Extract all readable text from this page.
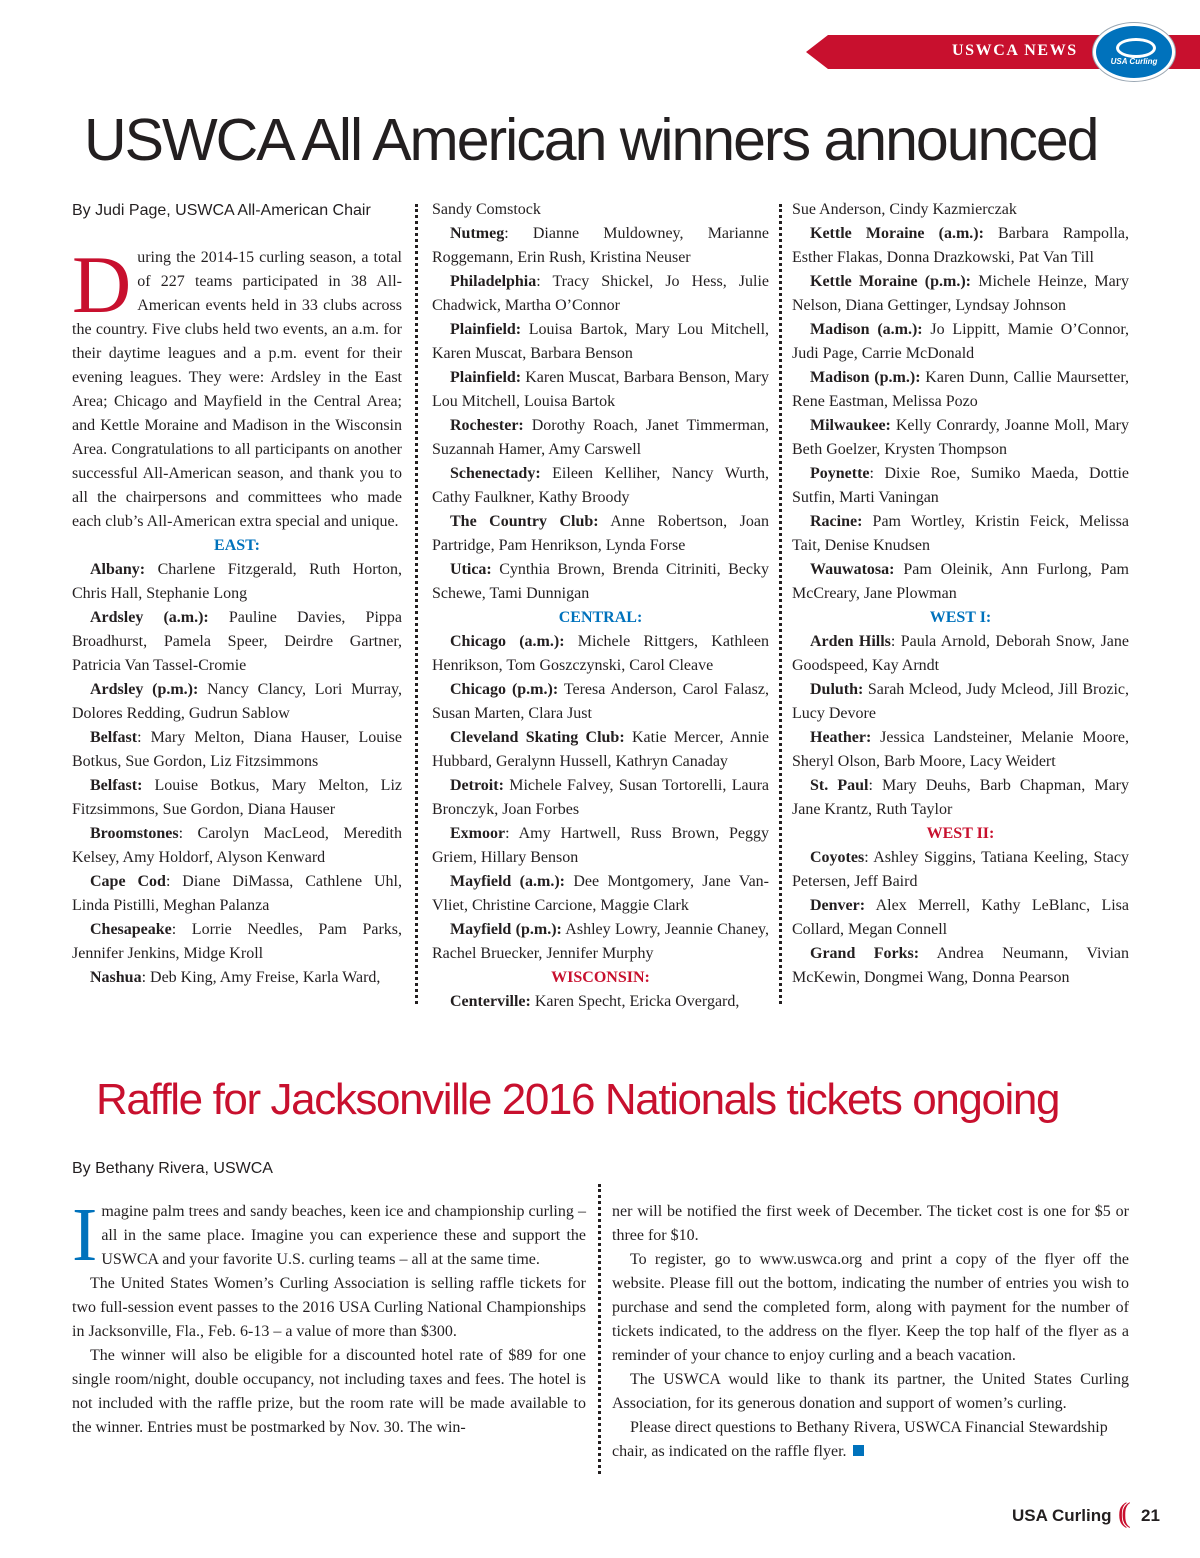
USWCA NEWS
USA Curling
USWCA All American winners announced
By Judi Page, USWCA All-American Chair

During the 2014-15 curling season, a total of 227 teams participated in 38 All-American events held in 33 clubs across the country. Five clubs held two events, an a.m. for their daytime leagues and a p.m. event for their evening leagues. They were: Ardsley in the East Area; Chicago and Mayfield in the Central Area; and Kettle Moraine and Madison in the Wisconsin Area. Congratulations to all participants on another successful All-American season, and thank you to all the chairpersons and committees who made each club’s All-American extra special and unique.

EAST:

Albany: Charlene Fitzgerald, Ruth Horton, Chris Hall, Stephanie Long

Ardsley (a.m.): Pauline Davies, Pippa Broadhurst, Pamela Speer, Deirdre Gartner, Patricia Van Tassel-Cromie

Ardsley (p.m.): Nancy Clancy, Lori Murray, Dolores Redding, Gudrun Sablow

Belfast: Mary Melton, Diana Hauser, Louise Botkus, Sue Gordon, Liz Fitzsimmons

Belfast: Louise Botkus, Mary Melton, Liz Fitzsimmons, Sue Gordon, Diana Hauser

Broomstones: Carolyn MacLeod, Meredith Kelsey, Amy Holdorf, Alyson Kenward

Cape Cod: Diane DiMassa, Cathlene Uhl, Linda Pistilli, Meghan Palanza

Chesapeake: Lorrie Needles, Pam Parks, Jennifer Jenkins, Midge Kroll

Nashua: Deb King, Amy Freise, Karla Ward,

Sandy Comstock

Nutmeg: Dianne Muldowney, Marianne Roggemann, Erin Rush, Kristina Neuser

Philadelphia: Tracy Shickel, Jo Hess, Julie Chadwick, Martha O’Connor

Plainfield: Louisa Bartok, Mary Lou Mitchell, Karen Muscat, Barbara Benson

Plainfield: Karen Muscat, Barbara Benson, Mary Lou Mitchell, Louisa Bartok

Rochester: Dorothy Roach, Janet Timmerman, Suzannah Hamer, Amy Carswell

Schenectady: Eileen Kelliher, Nancy Wurth, Cathy Faulkner, Kathy Broody

The Country Club: Anne Robertson, Joan Partridge, Pam Henrikson, Lynda Forse

Utica: Cynthia Brown, Brenda Citriniti, Becky Schewe, Tami Dunnigan

CENTRAL:

Chicago (a.m.): Michele Rittgers, Kathleen Henrikson, Tom Goszczynski, Carol Cleave

Chicago (p.m.): Teresa Anderson, Carol Falasz, Susan Marten, Clara Just

Cleveland Skating Club: Katie Mercer, Annie Hubbard, Geralynn Hussell, Kathryn Canaday

Detroit: Michele Falvey, Susan Tortorelli, Laura Bronczyk, Joan Forbes

Exmoor: Amy Hartwell, Russ Brown, Peggy Griem, Hillary Benson

Mayfield (a.m.): Dee Montgomery, Jane Van-Vliet, Christine Carcione, Maggie Clark

Mayfield (p.m.): Ashley Lowry, Jeannie Chaney, Rachel Bruecker, Jennifer Murphy

WISCONSIN:

Centerville: Karen Specht, Ericka Overgard,

Sue Anderson, Cindy Kazmierczak

Kettle Moraine (a.m.): Barbara Rampolla, Esther Flakas, Donna Drazkowski, Pat Van Till

Kettle Moraine (p.m.): Michele Heinze, Mary Nelson, Diana Gettinger, Lyndsay Johnson

Madison (a.m.): Jo Lippitt, Mamie O’Connor, Judi Page, Carrie McDonald

Madison (p.m.): Karen Dunn, Callie Maursetter, Rene Eastman, Melissa Pozo

Milwaukee: Kelly Conrardy, Joanne Moll, Mary Beth Goelzer, Krysten Thompson

Poynette: Dixie Roe, Sumiko Maeda, Dottie Sutfin, Marti Vaningan

Racine: Pam Wortley, Kristin Feick, Melissa Tait, Denise Knudsen

Wauwatosa: Pam Oleinik, Ann Furlong, Pam McCreary, Jane Plowman

WEST I:

Arden Hills: Paula Arnold, Deborah Snow, Jane Goodspeed, Kay Arndt

Duluth: Sarah Mcleod, Judy Mcleod, Jill Brozic, Lucy Devore

Heather: Jessica Landsteiner, Melanie Moore, Sheryl Olson, Barb Moore, Lacy Weidert

St. Paul: Mary Deuhs, Barb Chapman, Mary Jane Krantz, Ruth Taylor

WEST II:

Coyotes: Ashley Siggins, Tatiana Keeling, Stacy Petersen, Jeff Baird

Denver: Alex Merrell, Kathy LeBlanc, Lisa Collard, Megan Connell

Grand Forks: Andrea Neumann, Vivian McKewin, Dongmei Wang, Donna Pearson

Raffle for Jacksonville 2016 Nationals tickets ongoing
By Bethany Rivera, USWCA

Imagine palm trees and sandy beaches, keen ice and championship curling – all in the same place. Imagine you can experience these and support the USWCA and your favorite U.S. curling teams – all at the same time.

The United States Women’s Curling Association is selling raffle tickets for two full-session event passes to the 2016 USA Curling National Championships in Jacksonville, Fla., Feb. 6-13 – a value of more than $300.

The winner will also be eligible for a discounted hotel rate of $89 for one single room/night, double occupancy, not including taxes and fees. The hotel is not included with the raffle prize, but the room rate will be made available to the winner. Entries must be postmarked by Nov. 30. The win-

ner will be notified the first week of December. The ticket cost is one for $5 or three for $10.

To register, go to www.uswca.org and print a copy of the flyer off the website. Please fill out the bottom, indicating the number of entries you wish to purchase and send the completed form, along with payment for the number of tickets indicated, to the address on the flyer. Keep the top half of the flyer as a reminder of your chance to enjoy curling and a beach vacation.

The USWCA would like to thank its partner, the United States Curling Association, for its generous donation and support of women’s curling.

Please direct questions to Bethany Rivera, USWCA Financial Stewardship chair, as indicated on the raffle flyer.

USA Curling (( 21
